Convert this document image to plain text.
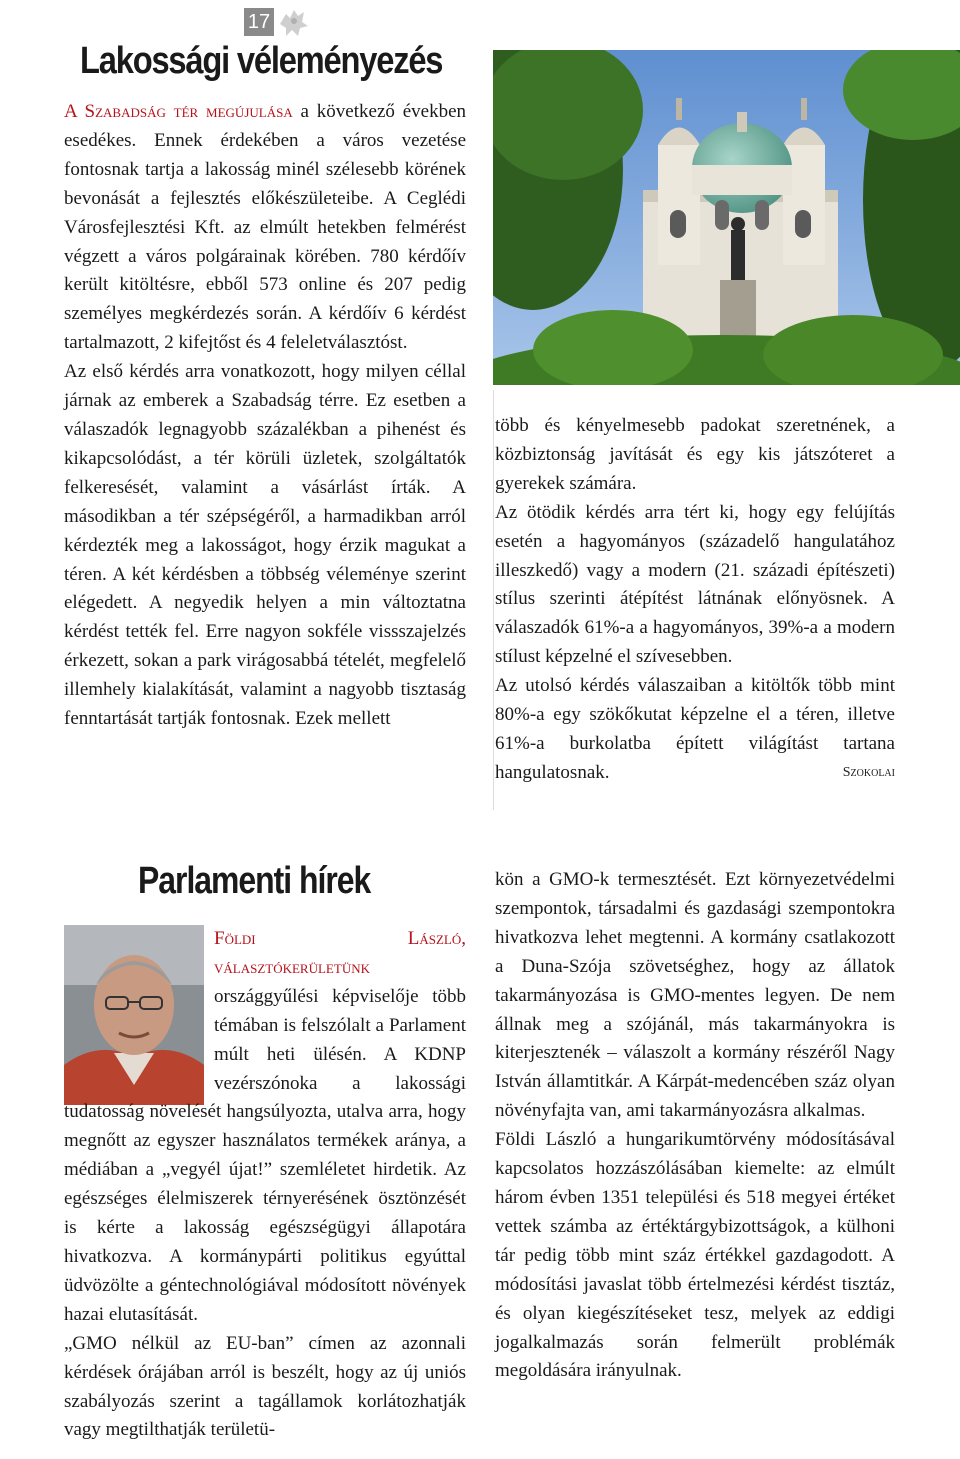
17
Lakossági véleményezés

A Szabadság tér megújulása a következő években esedékes. Ennek érdekében a város vezetése fontosnak tartja a lakosság minél szélesebb körének bevonását a fejlesztés előkészületeibe. A Ceglédi Városfejlesztési Kft. az elmúlt hetekben felmérést végzett a város polgárainak körében. 780 kérdőív került kitöltésre, ebből 573 online és 207 pedig személyes megkérdezés során. A kérdőív 6 kérdést tartalmazott, 2 kifejtőst és 4 feleletválasztóst.

Az első kérdés arra vonatkozott, hogy milyen céllal járnak az emberek a Szabadság térre. Ez esetben a válaszadók legnagyobb százalékban a pihenést és kikapcsolódást, a tér körüli üzletek, szolgáltatók felkeresését, valamint a vásárlást írták. A másodikban a tér szépségéről, a harmadikban arról kérdezték meg a lakosságot, hogy érzik magukat a téren. A két kérdésben a többség véleménye szerint elégedett. A negyedik helyen a min változtatna kérdést tették fel. Erre nagyon sokféle vissszajelzés érkezett, sokan a park virágosabbá tételét, megfelelő illemhely kialakítását, valamint a nagyobb tisztaság fenntartását tartják fontosnak. Ezek mellett

több és kényelmesebb padokat szeretnének, a közbiztonság javítását és egy kis játszóteret a gyerekek számára.

Az ötödik kérdés arra tért ki, hogy egy felújítás esetén a hagyományos (századelő hangulatához illeszkedő) vagy a modern (21. századi építészeti) stílus szerinti átépítést látnának előnyösnek. A válaszadók 61%-a a hagyományos, 39%-a a modern stílust képzelné el szívesebben.

Az utolsó kérdés válaszaiban a kitöltők több mint 80%-a egy szökőkutat képzelne el a téren, illetve 61%-a burkolatba épített világítást tartana hangulatosnak.	Szokolai

Parlamenti hírek

Földi László, választókerületünk országgyűlési képviselője több témában is felszólalt a Parlament múlt heti ülésén. A KDNP vezérszónoka a lakossági tudatosság növelését hangsúlyozta, utalva arra, hogy megnőtt az egyszer használatos termékek aránya, a médiában a „vegyél újat!” szemléletet hirdetik. Az egészséges élelmiszerek térnyerésének ösztönzését is kérte a lakosság egészségügyi állapotára hivatkozva. A kormánypárti politikus egyúttal üdvözölte a géntechnológiával módosított növények hazai elutasítását.

„GMO nélkül az EU-ban” címen az azonnali kérdések órájában arról is beszélt, hogy az új uniós szabályozás szerint a tagállamok korlátozhatják vagy megtilthatják területü-

kön a GMO-k termesztését. Ezt környezetvédelmi szempontok, társadalmi és gazdasági szempontokra hivatkozva lehet megtenni. A kormány csatlakozott a Duna-Szója szövetséghez, hogy az állatok takarmányozása is GMO-mentes legyen. De nem állnak meg a szójánál, más takarmányokra is kiterjesztenék – válaszolt a kormány részéről Nagy István államtitkár. A Kárpát-medencében száz olyan növényfajta van, ami takarmányozásra alkalmas.

Földi László a hungarikumtörvény módosításával kapcsolatos hozzászólásában kiemelte: az elmúlt három évben 1351 települési és 518 megyei értéket vettek számba az értéktárgybizottságok, a külhoni tár pedig több mint száz értékkel gazdagodott. A módosítási javaslat több értelmezési kérdést tisztáz, és olyan kiegészítéseket tesz, melyek az eddigi jogalkalmazás során felmerült problémák megoldására irányulnak.
